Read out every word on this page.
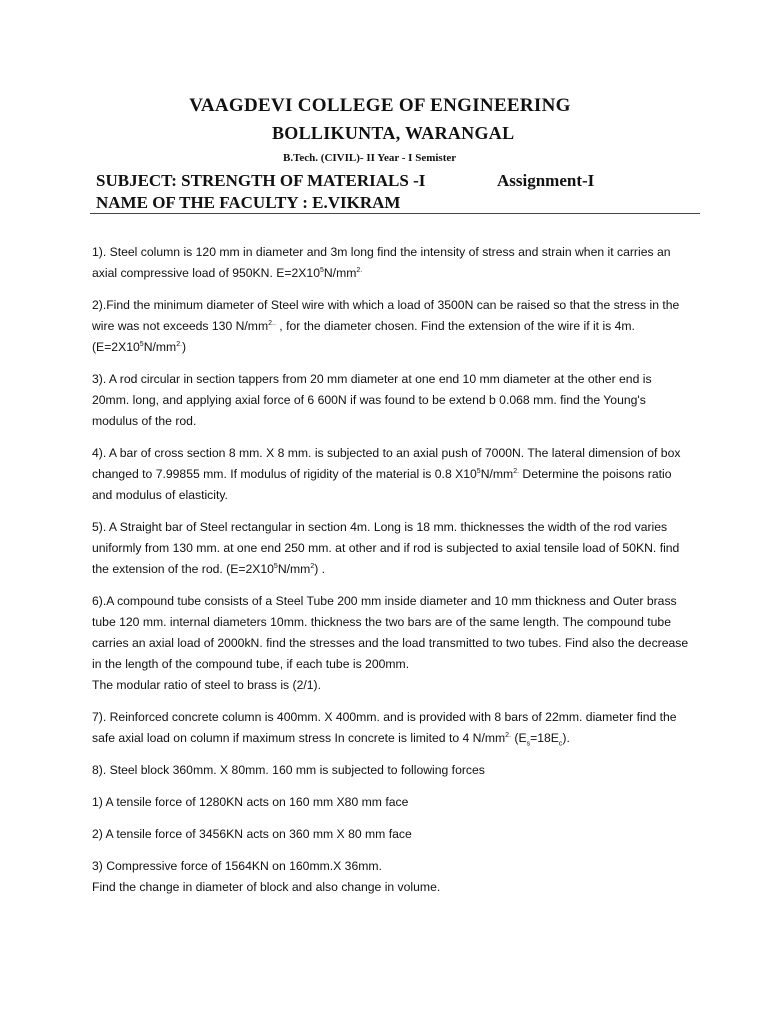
VAAGDEVI COLLEGE OF ENGINEERING
BOLLIKUNTA, WARANGAL
B.Tech. (CIVIL)- II Year - I Semister
SUBJECT: STRENGTH OF MATERIALS -I	Assignment-I
NAME OF THE FACULTY : E.VIKRAM
1). Steel column is 120 mm in diameter and 3m long find the intensity of stress and strain when it carries an axial compressive load of 950KN. $E=2X10^5N/mm^{2.}$
2).Find the minimum diameter of Steel wire with which a load of 3500N can be raised so that the stress in the wire was not exceeds 130 $N/mm^{2..}$ , for the diameter chosen. Find the extension of the wire if it is 4m. $(E=2X10^5N/mm^{2.})$
3). A rod circular in section tappers from 20 mm diameter at one end 10 mm diameter at the other end is 20mm. long, and applying axial force of 6 600N if was found to be extend b 0.068 mm. find the Young's modulus of the rod.
4). A bar of cross section 8 mm. X 8 mm. is subjected to an axial push of 7000N. The lateral dimension of box changed to 7.99855 mm. If modulus of rigidity of the material is 0.8 $X10^5N/mm^{2.}$ Determine the poisons ratio and modulus of elasticity.
5). A Straight bar of Steel rectangular in section 4m. Long is 18 mm. thicknesses the width of the rod varies uniformly from 130 mm. at one end 250 mm. at other and if rod is subjected to axial tensile load of 50KN. find the extension of the rod. $(E=2X10^5N/mm^2)$ .
6).A compound tube consists of a Steel Tube 200 mm inside diameter and 10 mm thickness and Outer brass tube 120 mm. internal diameters 10mm. thickness the two bars are of the same length. The compound tube carries an axial load of 2000kN. find the stresses and the load transmitted to two tubes. Find also the decrease in the length of the compound tube, if each tube is 200mm.
The modular ratio of steel to brass is (2/1).
7). Reinforced concrete column is 400mm. X 400mm. and is provided with 8 bars of 22mm. diameter find the safe axial load on column if maximum stress In concrete is limited to 4 $N/mm^{2.}$ $(E_s=18E_c)$.
8). Steel block 360mm. X 80mm. 160 mm is subjected to following forces
1) A tensile force of 1280KN acts on 160 mm X80 mm face
2) A tensile force of 3456KN acts on 360 mm X 80 mm face
3) Compressive force of 1564KN on 160mm.X 36mm.
Find the change in diameter of block and also change in volume.
